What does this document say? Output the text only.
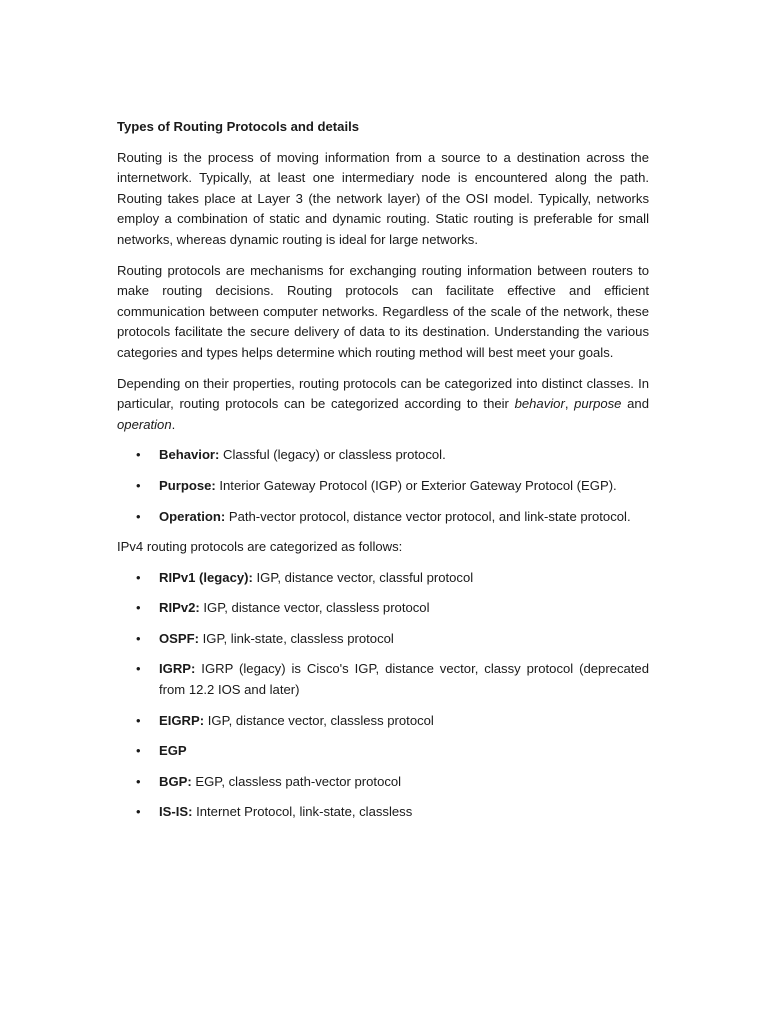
Types of Routing Protocols and details

Routing is the process of moving information from a source to a destination across the internetwork. Typically, at least one intermediary node is encountered along the path. Routing takes place at Layer 3 (the network layer) of the OSI model. Typically, networks employ a combination of static and dynamic routing. Static routing is preferable for small networks, whereas dynamic routing is ideal for large networks.

Routing protocols are mechanisms for exchanging routing information between routers to make routing decisions. Routing protocols can facilitate effective and efficient communication between computer networks. Regardless of the scale of the network, these protocols facilitate the secure delivery of data to its destination. Understanding the various categories and types helps determine which routing method will best meet your goals.

Depending on their properties, routing protocols can be categorized into distinct classes. In particular, routing protocols can be categorized according to their behavior, purpose and operation.

• Behavior: Classful (legacy) or classless protocol.
• Purpose: Interior Gateway Protocol (IGP) or Exterior Gateway Protocol (EGP).
• Operation: Path-vector protocol, distance vector protocol, and link-state protocol.

IPv4 routing protocols are categorized as follows:

• RIPv1 (legacy): IGP, distance vector, classful protocol
• RIPv2: IGP, distance vector, classless protocol
• OSPF: IGP, link-state, classless protocol
• IGRP: IGRP (legacy) is Cisco's IGP, distance vector, classy protocol (deprecated from 12.2 IOS and later)
• EIGRP: IGP, distance vector, classless protocol
• EGP
• BGP: EGP, classless path-vector protocol
• IS-IS: Internet Protocol, link-state, classless
